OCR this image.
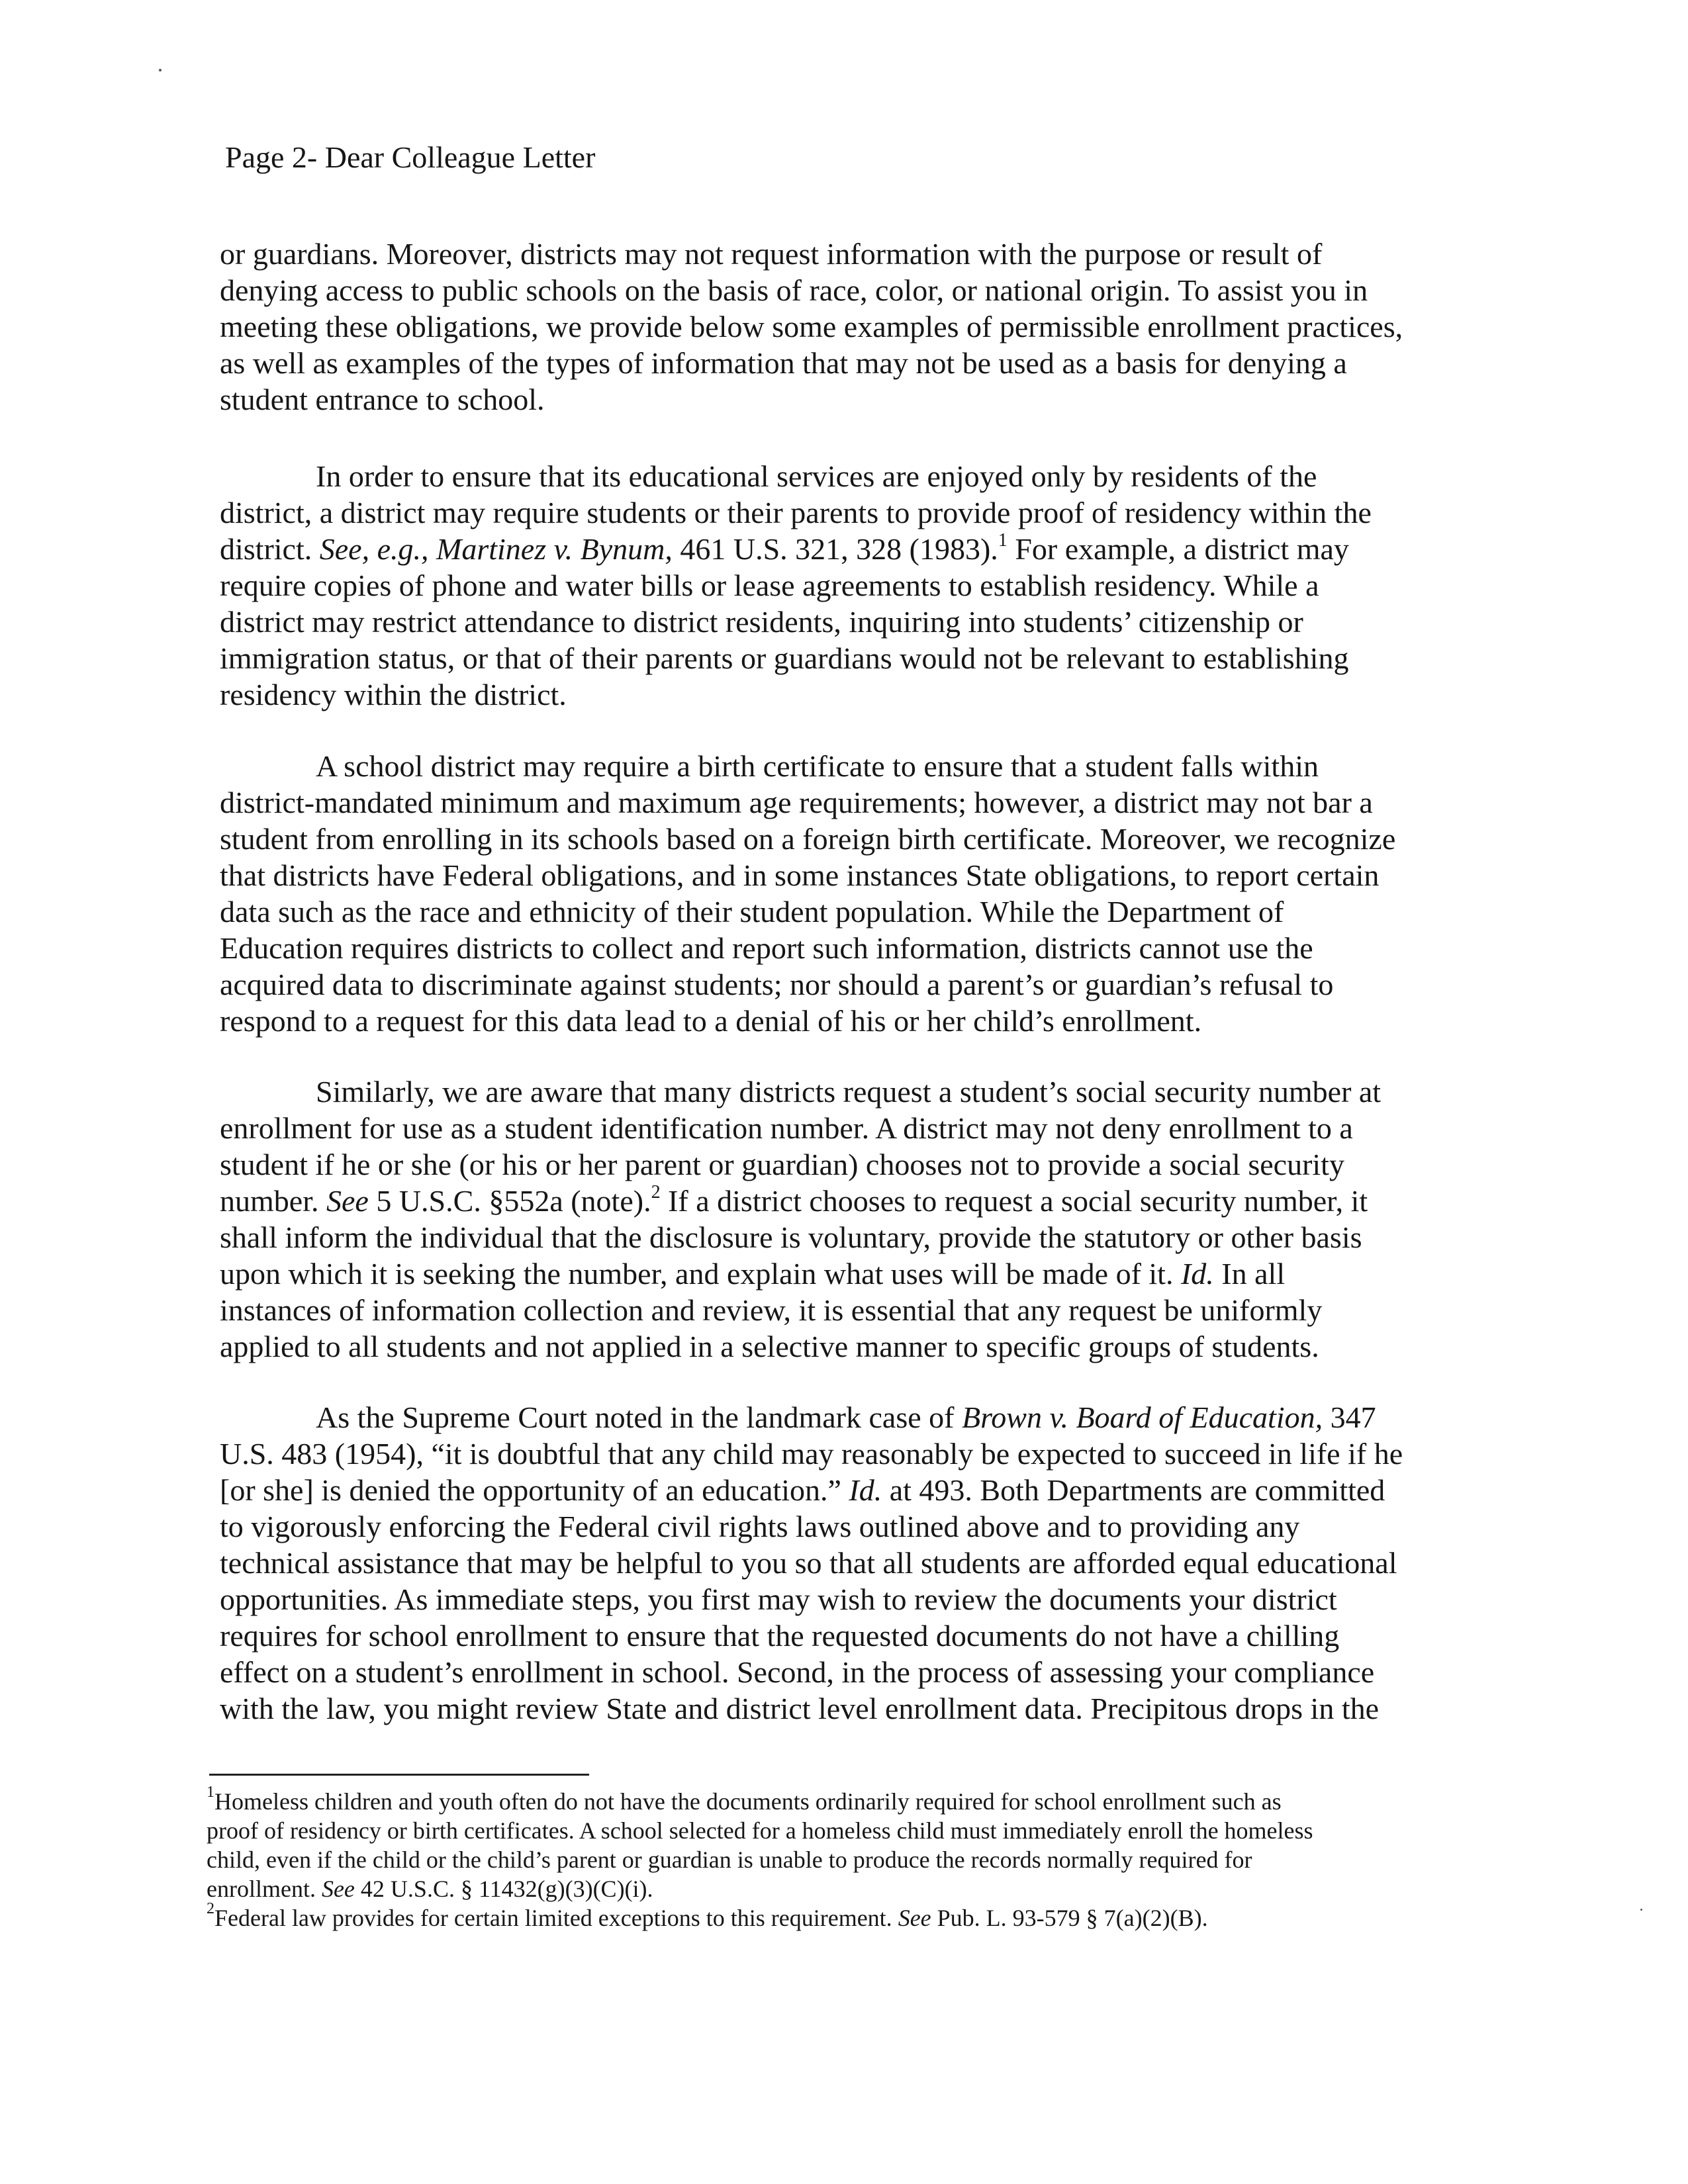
Page 2- Dear Colleague Letter
or guardians. Moreover, districts may not request information with the purpose or result of
denying access to public schools on the basis of race, color, or national origin. To assist you in
meeting these obligations, we provide below some examples of permissible enrollment practices,
as well as examples of the types of information that may not be used as a basis for denying a
student entrance to school.
In order to ensure that its educational services are enjoyed only by residents of the
district, a district may require students or their parents to provide proof of residency within the
district. See, e.g., Martinez v. Bynum, 461 U.S. 321, 328 (1983).$^1$ For example, a district may
require copies of phone and water bills or lease agreements to establish residency. While a
district may restrict attendance to district residents, inquiring into students’ citizenship or
immigration status, or that of their parents or guardians would not be relevant to establishing
residency within the district.
A school district may require a birth certificate to ensure that a student falls within
district-mandated minimum and maximum age requirements; however, a district may not bar a
student from enrolling in its schools based on a foreign birth certificate. Moreover, we recognize
that districts have Federal obligations, and in some instances State obligations, to report certain
data such as the race and ethnicity of their student population. While the Department of
Education requires districts to collect and report such information, districts cannot use the
acquired data to discriminate against students; nor should a parent’s or guardian’s refusal to
respond to a request for this data lead to a denial of his or her child’s enrollment.
Similarly, we are aware that many districts request a student’s social security number at
enrollment for use as a student identification number. A district may not deny enrollment to a
student if he or she (or his or her parent or guardian) chooses not to provide a social security
number. See 5 U.S.C. §552a (note).$^2$ If a district chooses to request a social security number, it
shall inform the individual that the disclosure is voluntary, provide the statutory or other basis
upon which it is seeking the number, and explain what uses will be made of it. Id. In all
instances of information collection and review, it is essential that any request be uniformly
applied to all students and not applied in a selective manner to specific groups of students.
As the Supreme Court noted in the landmark case of Brown v. Board of Education, 347
U.S. 483 (1954), “it is doubtful that any child may reasonably be expected to succeed in life if he
[or she] is denied the opportunity of an education.” Id. at 493. Both Departments are committed
to vigorously enforcing the Federal civil rights laws outlined above and to providing any
technical assistance that may be helpful to you so that all students are afforded equal educational
opportunities. As immediate steps, you first may wish to review the documents your district
requires for school enrollment to ensure that the requested documents do not have a chilling
effect on a student’s enrollment in school. Second, in the process of assessing your compliance
with the law, you might review State and district level enrollment data. Precipitous drops in the
$^1$Homeless children and youth often do not have the documents ordinarily required for school enrollment such as
proof of residency or birth certificates. A school selected for a homeless child must immediately enroll the homeless
child, even if the child or the child’s parent or guardian is unable to produce the records normally required for
enrollment. See 42 U.S.C. § 11432(g)(3)(C)(i).
$^2$Federal law provides for certain limited exceptions to this requirement. See Pub. L. 93-579 § 7(a)(2)(B).
